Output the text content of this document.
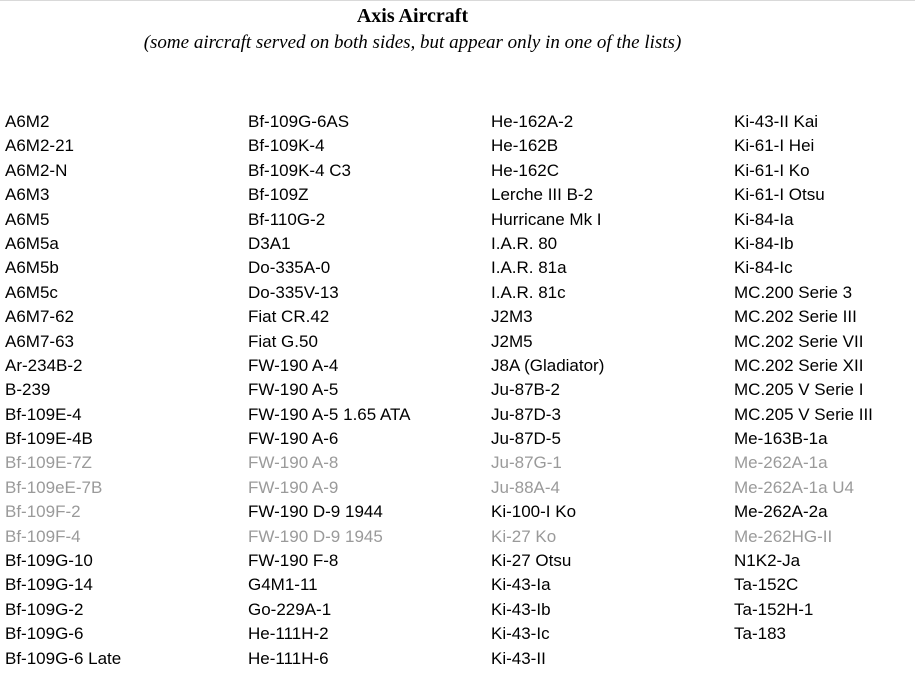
Axis Aircraft
(some aircraft served on both sides, but appear only in one of the lists)
A6M2
A6M2-21
A6M2-N
A6M3
A6M5
A6M5a
A6M5b
A6M5c
A6M7-62
A6M7-63
Ar-234B-2
B-239
Bf-109E-4
Bf-109E-4B
Bf-109E-7Z
Bf-109eE-7B
Bf-109F-2
Bf-109F-4
Bf-109G-10
Bf-109G-14
Bf-109G-2
Bf-109G-6
Bf-109G-6 Late
Bf-109G-6AS
Bf-109K-4
Bf-109K-4 C3
Bf-109Z
Bf-110G-2
D3A1
Do-335A-0
Do-335V-13
Fiat CR.42
Fiat G.50
FW-190 A-4
FW-190 A-5
FW-190 A-5 1.65 ATA
FW-190 A-6
FW-190 A-8
FW-190 A-9
FW-190 D-9 1944
FW-190 D-9 1945
FW-190 F-8
G4M1-11
Go-229A-1
He-111H-2
He-111H-6
He-162A-2
He-162B
He-162C
Lerche III B-2
Hurricane Mk I
I.A.R. 80
I.A.R. 81a
I.A.R. 81c
J2M3
J2M5
J8A (Gladiator)
Ju-87B-2
Ju-87D-3
Ju-87D-5
Ju-87G-1
Ju-88A-4
Ki-100-I Ko
Ki-27 Ko
Ki-27 Otsu
Ki-43-Ia
Ki-43-Ib
Ki-43-Ic
Ki-43-II
Ki-43-II Kai
Ki-61-I Hei
Ki-61-I Ko
Ki-61-I Otsu
Ki-84-Ia
Ki-84-Ib
Ki-84-Ic
MC.200 Serie 3
MC.202 Serie III
MC.202 Serie VII
MC.202 Serie XII
MC.205 V Serie I
MC.205 V Serie III
Me-163B-1a
Me-262A-1a
Me-262A-1a U4
Me-262A-2a
Me-262HG-II
N1K2-Ja
Ta-152C
Ta-152H-1
Ta-183
